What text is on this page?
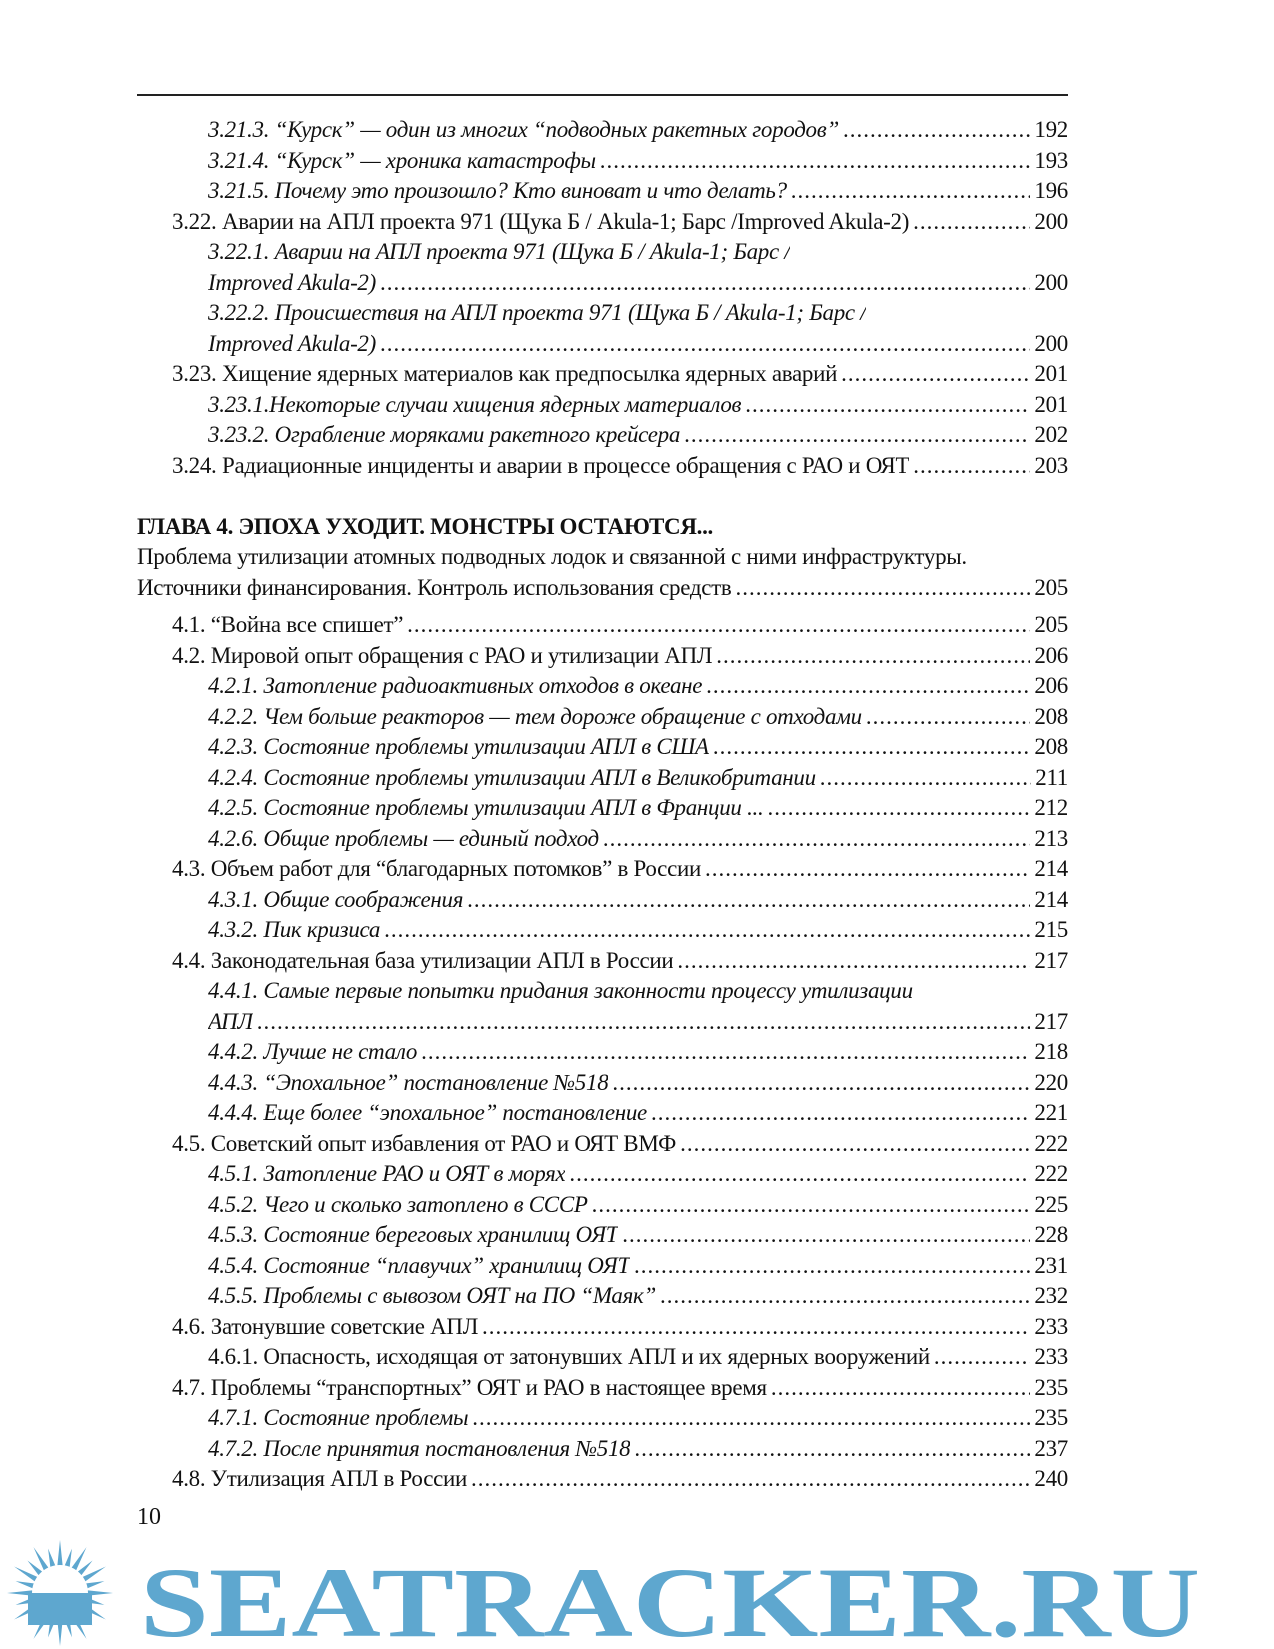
3.21.3. “Курск” — один из многих “подводных ракетных городов” .....	192
3.21.4. “Курск” — хроника катастрофы .....	193
3.21.5. Почему это произошло? Кто виноват и что делать? .....	196
3.22. Аварии на АПЛ проекта 971 (Щука Б / Akula-1; Барс /Improved Akula-2) .....	200
3.22.1. Аварии на АПЛ проекта 971 (Щука Б / Akula-1; Барс /
Improved Akula-2) .....	200
3.22.2. Происшествия на АПЛ проекта 971 (Щука Б / Akula-1; Барс /
Improved Akula-2) .....	200
3.23. Хищение ядерных материалов как предпосылка ядерных аварий .....	201
3.23.1.Некоторые случаи хищения ядерных материалов .....	201
3.23.2. Ограбление моряками ракетного крейсера .....	202
3.24. Радиационные инциденты и аварии в процессе обращения с РАО и ОЯТ .....	203
ГЛАВА 4. ЭПОХА УХОДИТ. МОНСТРЫ ОСТАЮТСЯ...
Проблема утилизации атомных подводных лодок и связанной с ними инфраструктуры.
Источники финансирования. Контроль использования средств .....	205
4.1. “Война все спишет” .....	205
4.2. Мировой опыт обращения с РАО и утилизации АПЛ .....	206
4.2.1. Затопление радиоактивных отходов в океане .....	206
4.2.2. Чем больше реакторов — тем дороже обращение с отходами .....	208
4.2.3. Состояние проблемы утилизации АПЛ в США .....	208
4.2.4. Состояние проблемы утилизации АПЛ в Великобритании .....	211
4.2.5. Состояние проблемы утилизации АПЛ в Франции ... .....	212
4.2.6. Общие проблемы — единый подход .....	213
4.3. Объем работ для “благодарных потомков” в России .....	214
4.3.1. Общие соображения .....	214
4.3.2. Пик кризиса .....	215
4.4. Законодательная база утилизации АПЛ в России .....	217
4.4.1. Самые первые попытки придания законности процессу утилизации
АПЛ .....	217
4.4.2. Лучше не стало .....	218
4.4.3. “Эпохальное” постановление №518 .....	220
4.4.4. Еще более “эпохальное” постановление .....	221
4.5. Советский опыт избавления от РАО и ОЯТ ВМФ .....	222
4.5.1. Затопление РАО и ОЯТ в морях .....	222
4.5.2. Чего и сколько затоплено в СССР .....	225
4.5.3. Состояние береговых хранилищ ОЯТ .....	228
4.5.4. Состояние “плавучих” хранилищ ОЯТ .....	231
4.5.5. Проблемы с вывозом ОЯТ на ПО “Маяк” .....	232
4.6. Затонувшие советские АПЛ .....	233
4.6.1. Опасность, исходящая от затонувших АПЛ и их ядерных вооружений .....	233
4.7. Проблемы “транспортных” ОЯТ и РАО в настоящее время .....	235
4.7.1. Состояние проблемы .....	235
4.7.2. После принятия постановления №518 .....	237
4.8. Утилизация АПЛ в России .....	240
10
SEATRACKER.RU
